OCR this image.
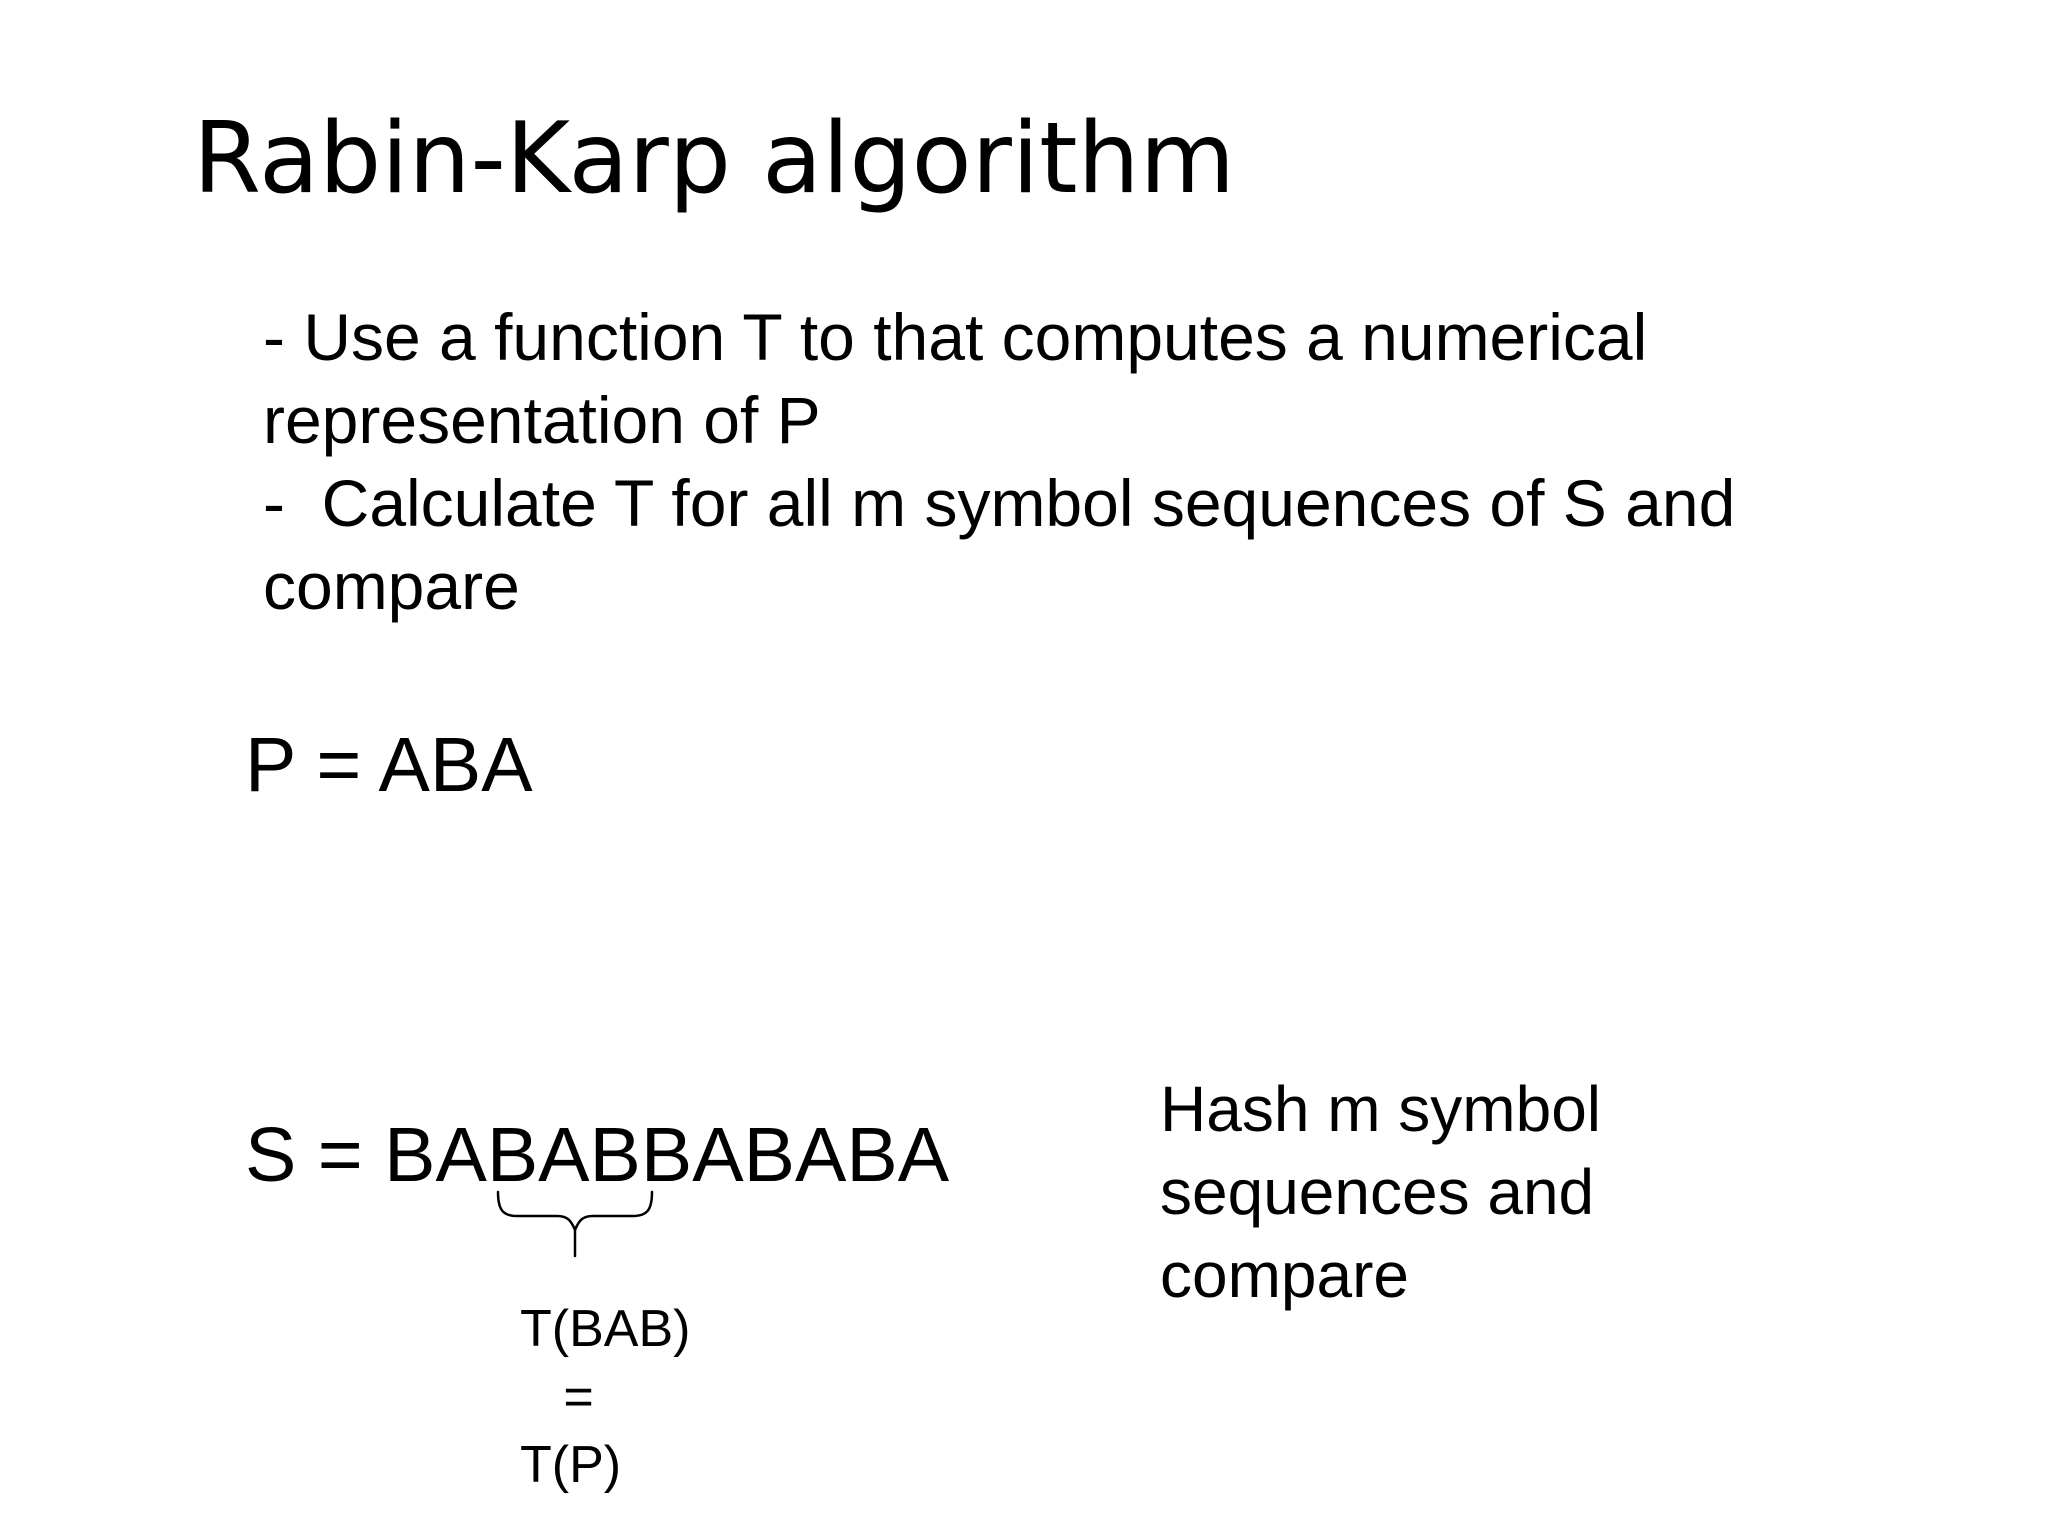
Rabin-Karp algorithm
- Use a function T to that computes a numerical
representation of P
-  Calculate T for all m symbol sequences of S and
compare
P = ABA
S = BABABBABABA
T(BAB)
=
T(P)
Hash m symbol
sequences and
compare
